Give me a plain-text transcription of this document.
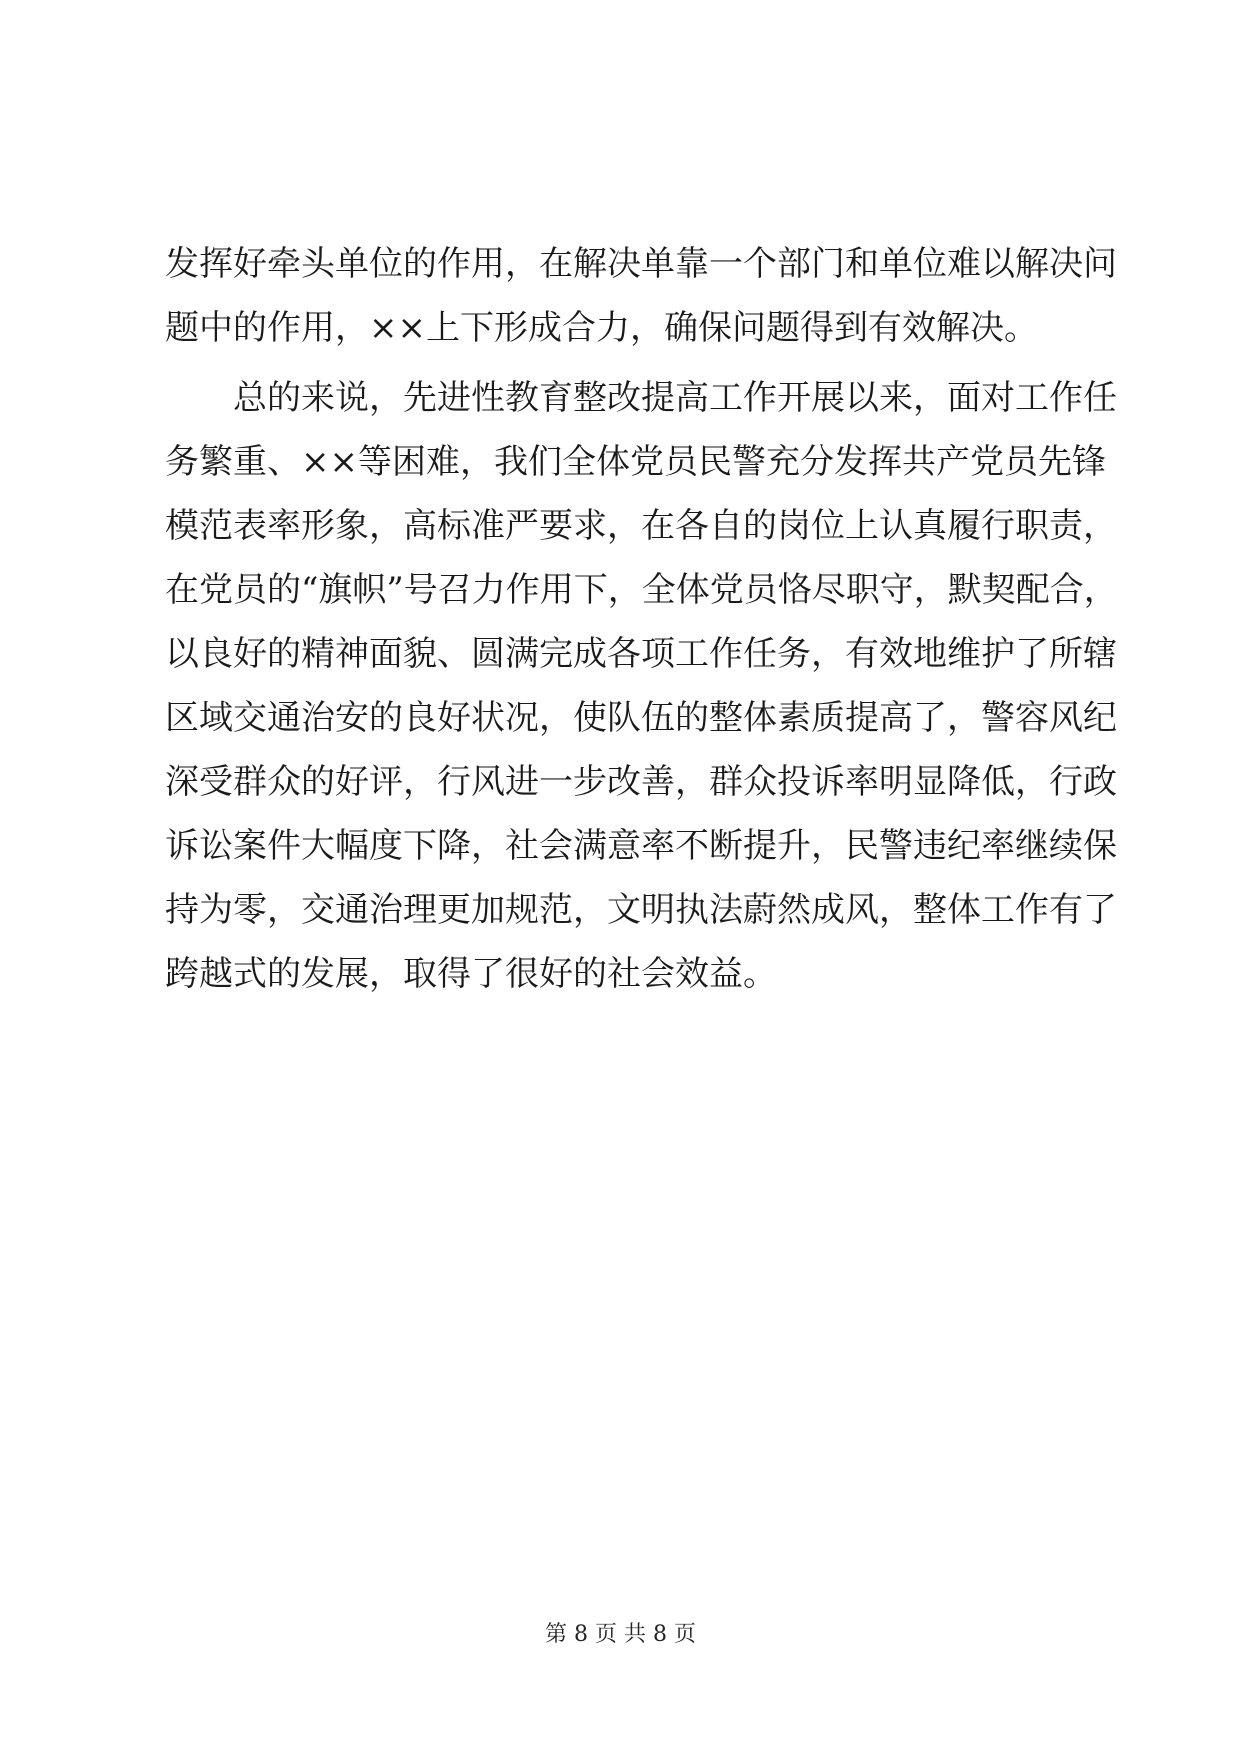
发挥好牵头单位的作用，在解决单靠一个部门和单位难以解决问
题中的作用，××上下形成合力，确保问题得到有效解决。
总的来说，先进性教育整改提高工作开展以来，面对工作任
务繁重、××等困难，我们全体党员民警充分发挥共产党员先锋
模范表率形象，高标准严要求，在各自的岗位上认真履行职责，
在党员的“旗帜”号召力作用下，全体党员恪尽职守，默契配合，
以良好的精神面貌、圆满完成各项工作任务，有效地维护了所辖
区域交通治安的良好状况，使队伍的整体素质提高了，警容风纪
深受群众的好评，行风进一步改善，群众投诉率明显降低，行政
诉讼案件大幅度下降，社会满意率不断提升，民警违纪率继续保
持为零，交通治理更加规范，文明执法蔚然成风，整体工作有了
跨越式的发展，取得了很好的社会效益。
第 8 页 共 8 页
